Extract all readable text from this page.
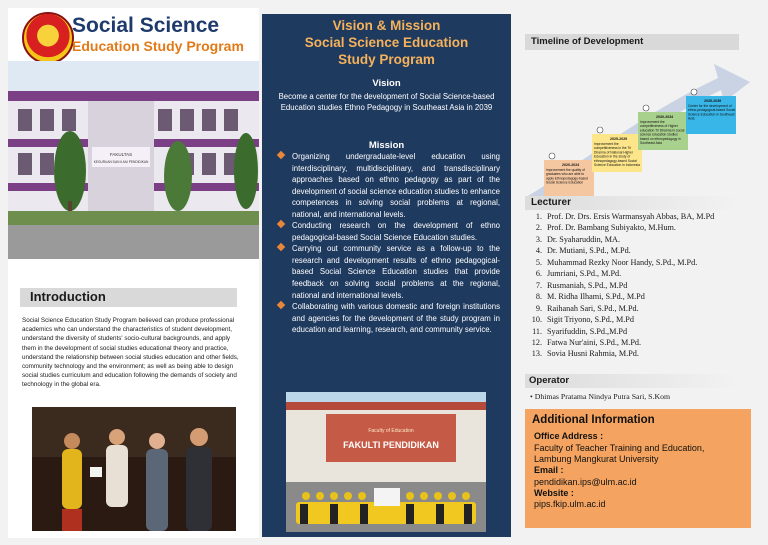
Social Science
Education Study Program
FAKULTAS
KEGURUAN DAN ILMU PENDIDIKAN
Introduction
Social Science Education Study Program believed can produce professional academics who can understand the characteristics of student development, understand the diversity of students' socio-cultural backgrounds, and apply them in the development of social studies educational theory and practice, understand the relationship between social studies education and other fields, community technology and the environment; as well as being able to design social studies curriculum and education following the demands of society and technology in the global era.
Vision & Mission
Social Science Education
Study Program
Vision
Become a center for the development of Social Science-based Education studies Ethno Pedagogy in Southeast Asia in 2039
Mission
Organizing undergraduate-level education using interdisciplinary, multidisciplinary, and transdisciplinary approaches based on ethno pedagogy as part of the development of social science education studies to enhance competences in solving social problems at regional, national, and international levels.
Conducting research on the development of ethno pedagogical-based Social Science Education studies.
Carrying out community service as a follow-up to the research and development results of ethno pedagogical-based Social Science Education studies that provide feedback on solving social problems at the regional, national and international levels.
Collaborating with various domestic and foreign institutions and agencies for the development of the study program in education and learning, research, and community service.
Faculty of Education
FAKULTI PENDIDIKAN
Timeline of Development
2020-2024
Improvement the quality of
graduates who are able to
apply Ethnopedagogy-based
Social Science Education
2025-2029
Improvement the
competitiveness in the Tri
Dharma of National Higher
Education in the study of
ethnopedagogy-based Social
Science Education in Indonesia
2030-2034
Improvement the
competitiveness of Higher
education Tri Dharma in social
science education studies
based on ethnopedagogy in
Southeast Asia
2035-2039
Center for the development of
ethno-pedagogical-based Social
Science Education in Southeast
Asia
Lecturer
1. Prof. Dr. Drs. Ersis Warmansyah Abbas, BA, M.Pd
2. Prof. Dr. Bambang Subiyakto, M.Hum.
3. Dr. Syaharuddin, MA.
4. Dr. Mutiani, S.Pd., M.Pd.
5. Muhammad Rezky Noor Handy, S.Pd., M.Pd.
6. Jumriani, S.Pd., M.Pd.
7. Rusmaniah, S.Pd., M.Pd
8. M. Ridha Ilhami, S.Pd., M.Pd
9. Raihanah Sari, S.Pd., M.Pd.
10. Sigit Triyono, S.Pd., M.Pd
11. Syarifuddin, S.Pd.,M.Pd
12. Fatwa Nur'aini, S.Pd., M.Pd.
13. Sovia Husni Rahmia, M.Pd.
Operator
• Dhimas Pratama Nindya Putra Sari, S.Kom
Additional Information
Office Address :
Faculty of Teacher Training and Education,
Lambung Mangkurat University
Email :
pendidikan.ips@ulm.ac.id
Website :
pips.fkip.ulm.ac.id
